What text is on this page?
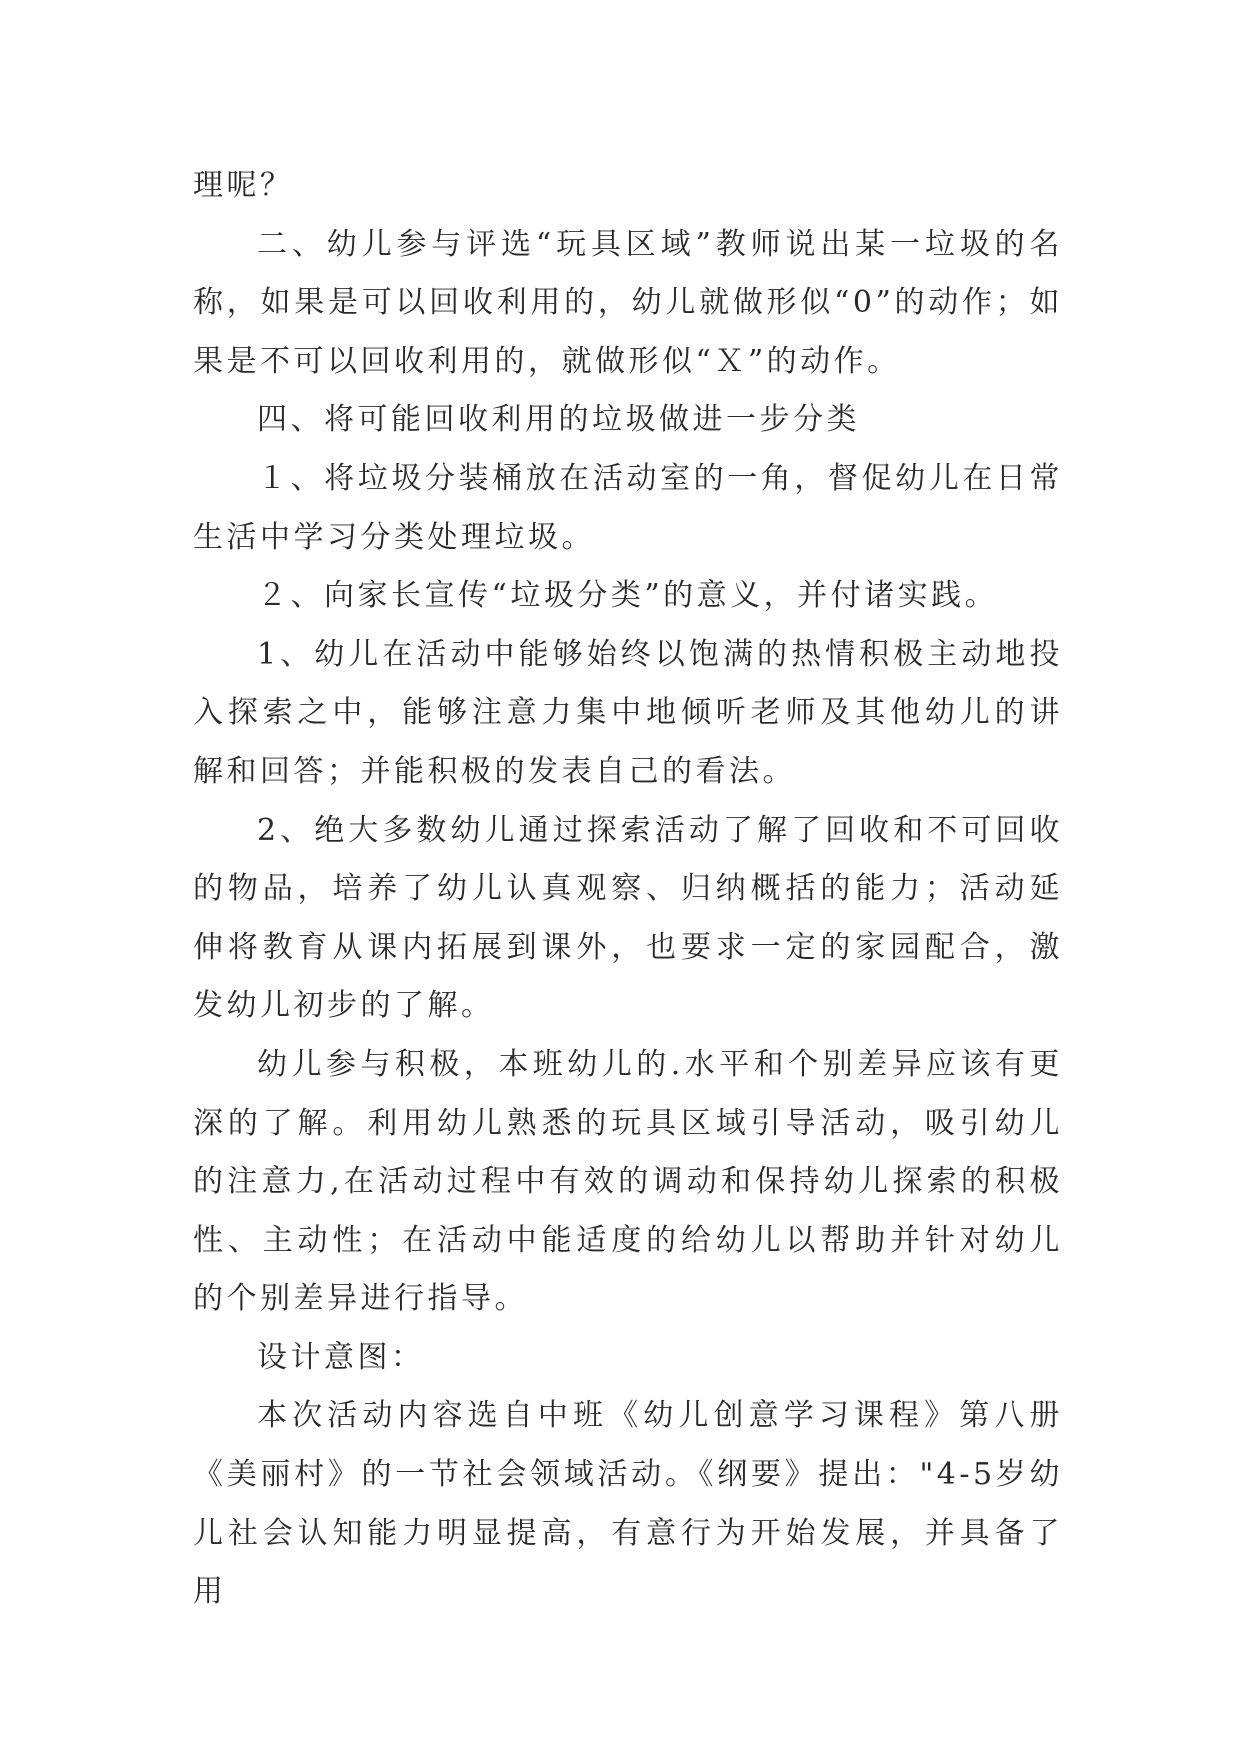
理呢？

二、幼儿参与评选“玩具区域”教师说出某一垃圾的名称，如果是可以回收利用的，幼儿就做形似“0”的动作；如果是不可以回收利用的，就做形似“Ｘ”的动作。

四、将可能回收利用的垃圾做进一步分类

１、将垃圾分装桶放在活动室的一角，督促幼儿在日常生活中学习分类处理垃圾。

２、向家长宣传“垃圾分类”的意义，并付诸实践。

1、幼儿在活动中能够始终以饱满的热情积极主动地投入探索之中，能够注意力集中地倾听老师及其他幼儿的讲解和回答；并能积极的发表自己的看法。

2、绝大多数幼儿通过探索活动了解了回收和不可回收的物品，培养了幼儿认真观察、归纳概括的能力；活动延伸将教育从课内拓展到课外，也要求一定的家园配合，激发幼儿初步的了解。

幼儿参与积极，本班幼儿的.水平和个别差异应该有更深的了解。利用幼儿熟悉的玩具区域引导活动，吸引幼儿的注意力,在活动过程中有效的调动和保持幼儿探索的积极性、主动性；在活动中能适度的给幼儿以帮助并针对幼儿的个别差异进行指导。

设计意图：

本次活动内容选自中班《幼儿创意学习课程》第八册《美丽村》的一节社会领域活动。《纲要》提出："4-5岁幼儿社会认知能力明显提高，有意行为开始发展，并具备了用
